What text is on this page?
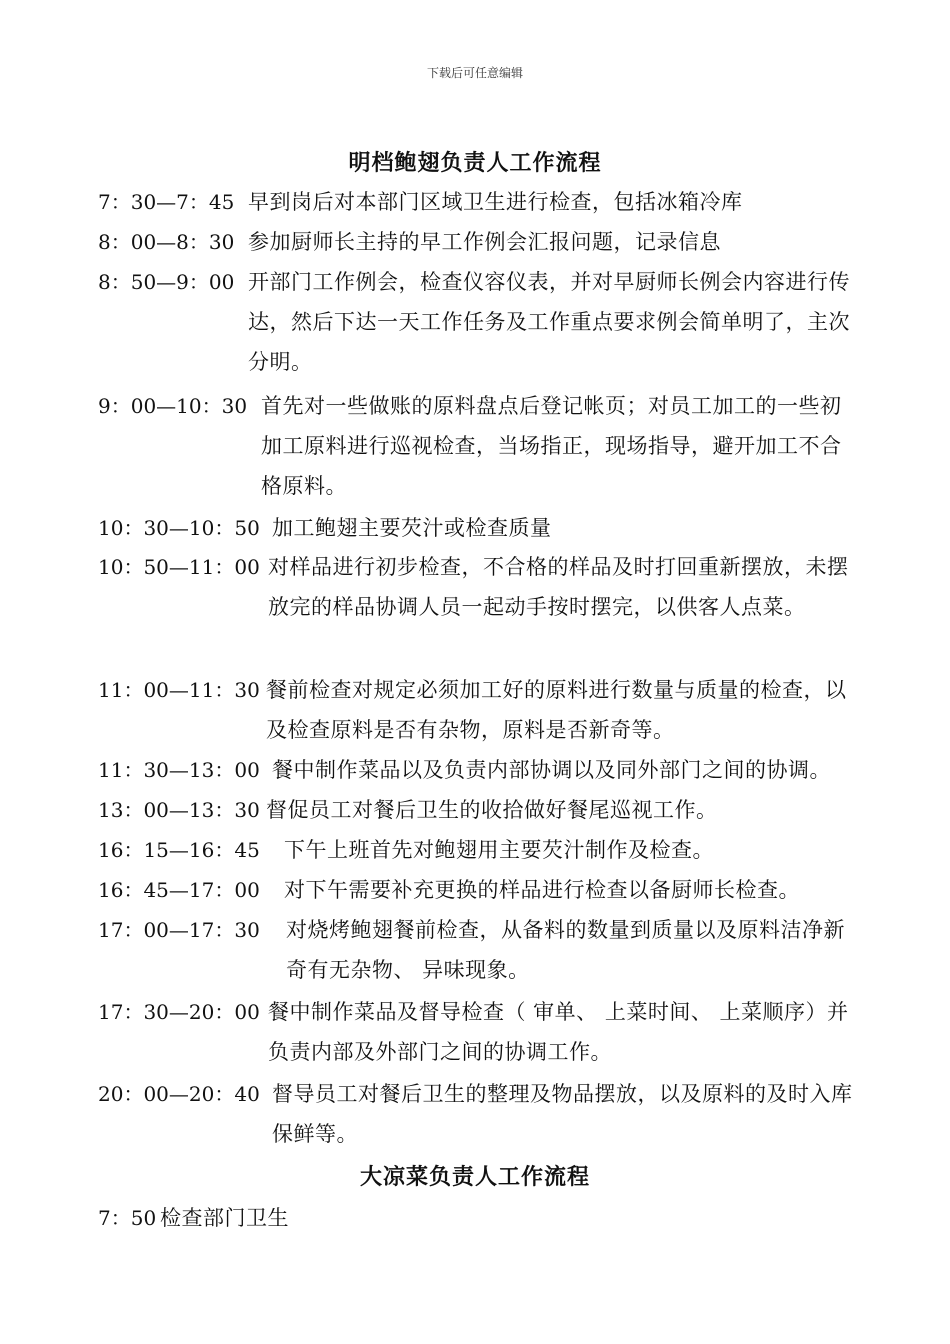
下载后可任意编辑
明档鲍翅负责人工作流程
7：30—7：45 早到岗后对本部门区域卫生进行检查，包括冰箱冷库
8：00—8：30 参加厨师长主持的早工作例会汇报问题，记录信息
8：50—9：00 开部门工作例会，检查仪容仪表，并对早厨师长例会内容进行传达，然后下达一天工作任务及工作重点要求例会简单明了，主次分明。
9：00—10：30 首先对一些做账的原料盘点后登记帐页；对员工加工的一些初加工原料进行巡视检查，当场指正，现场指导，避开加工不合格原料。
10：30—10：50 加工鲍翅主要芡汁或检查质量
10：50—11：00 对样品进行初步检查，不合格的样品及时打回重新摆放，未摆放完的样品协调人员一起动手按时摆完，以供客人点菜。
11：00—11：30 餐前检查对规定必须加工好的原料进行数量与质量的检查，以及检查原料是否有杂物，原料是否新奇等。
11：30—13：00 餐中制作菜品以及负责内部协调以及同外部门之间的协调。
13：00—13：30 督促员工对餐后卫生的收拾做好餐尾巡视工作。
16：15—16：45	下午上班首先对鲍翅用主要芡汁制作及检查。
16：45—17：00	对下午需要补充更换的样品进行检查以备厨师长检查。
17：00—17：30	对烧烤鲍翅餐前检查，从备料的数量到质量以及原料洁净新奇有无杂物、 异味现象。
17：30—20：00 餐中制作菜品及督导检查（ 审单、 上菜时间、 上菜顺序）并负责内部及外部门之间的协调工作。
20：00—20：40 督导员工对餐后卫生的整理及物品摆放，以及原料的及时入库保鲜等。
大凉菜负责人工作流程
7：50 检查部门卫生
